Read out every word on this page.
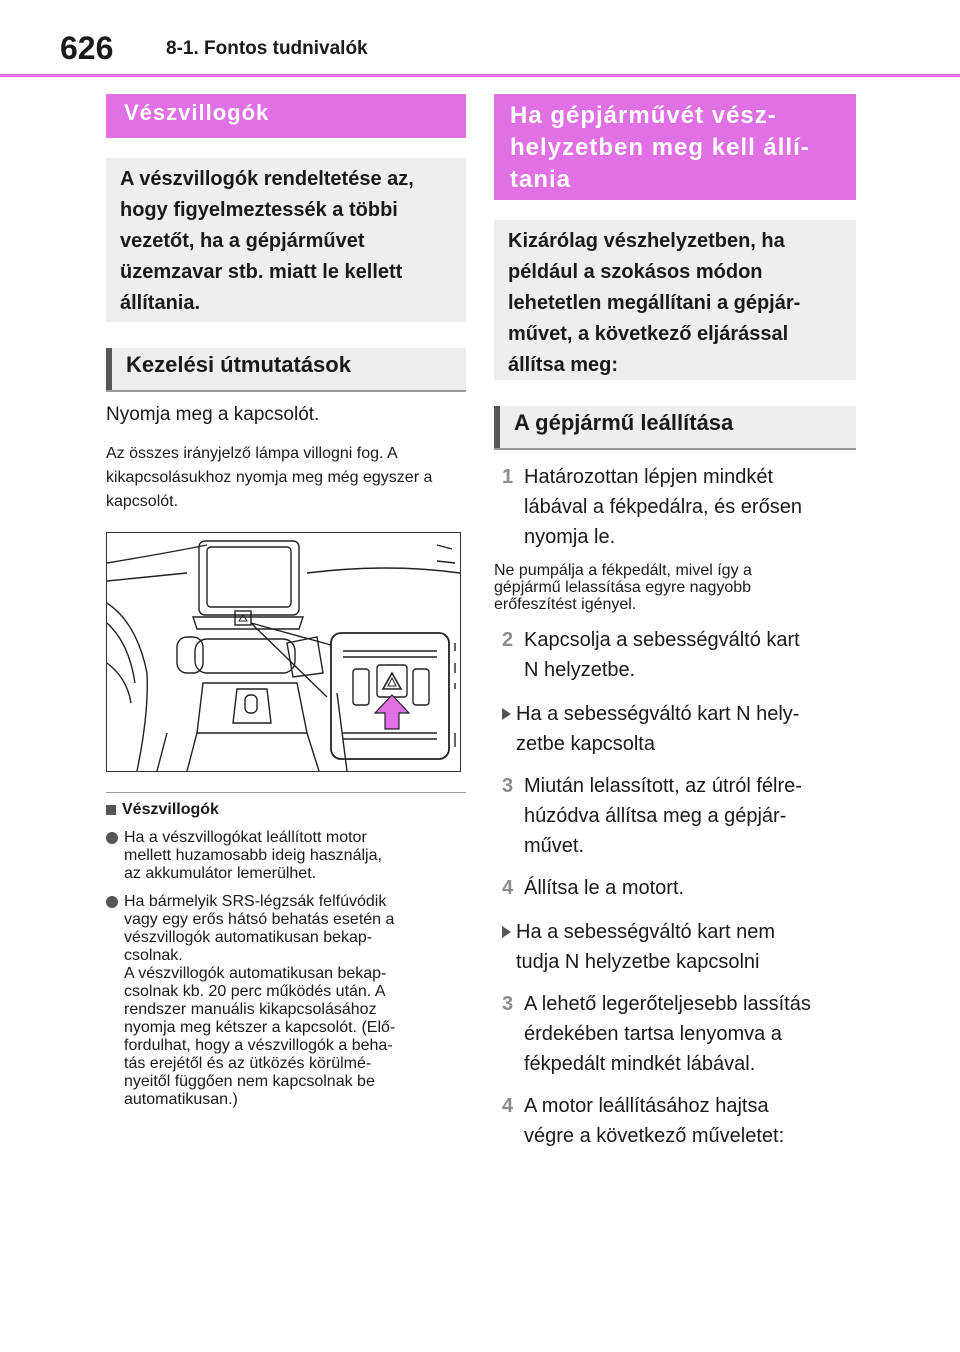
626	8-1. Fontos tudnivalók
Vészvillogók
A vészvillogók rendeltetése az, hogy figyelmeztessék a többi vezetőt, ha a gépjárművet üzemzavar stb. miatt le kellett állítania.
Kezelési útmutatások
Nyomja meg a kapcsolót.
Az összes irányjelző lámpa villogni fog. A kikapcsolásukhoz nyomja meg még egyszer a kapcsolót.
Vészvillogók

Ha a vészvillogókat leállított motor
mellett huzamosabb ideig használja,
az akkumulátor lemerülhet.

Ha bármelyik SRS-légzsák felfúvódik
vagy egy erős hátsó behatás esetén a
vészvillogók automatikusan bekap-
csolnak.
A vészvillogók automatikusan bekap-
csolnak kb. 20 perc működés után. A
rendszer manuális kikapcsolásához
nyomja meg kétszer a kapcsolót. (Elő-
fordulhat, hogy a vészvillogók a beha-
tás erejétől és az ütközés körülmé-
nyeitől függően nem kapcsolnak be
automatikusan.)

Ha gépjárművét vész-
helyzetben meg kell állí-
tania
Kizárólag vészhelyzetben, ha például a szokásos módon lehetetlen megállítani a gépjár-művet, a következő eljárással állítsa meg:
A gépjármű leállítása
1 Határozottan lépjen mindkét
lábával a fékpedálra, és erősen
nyomja le.
Ne pumpálja a fékpedált, mivel így a
gépjármű lelassítása egyre nagyobb
erőfeszítést igényel.
2 Kapcsolja a sebességváltó kart
N helyzetbe.
Ha a sebességváltó kart N hely-
zetbe kapcsolta
3 Miután lelassított, az útról félre-
húzódva állítsa meg a gépjár-
művet.
4 Állítsa le a motort.
Ha a sebességváltó kart nem
tudja N helyzetbe kapcsolni
3 A lehető legerőteljesebb lassítás
érdekében tartsa lenyomva a
fékpedált mindkét lábával.
4 A motor leállításához hajtsa
végre a következő műveletet:
